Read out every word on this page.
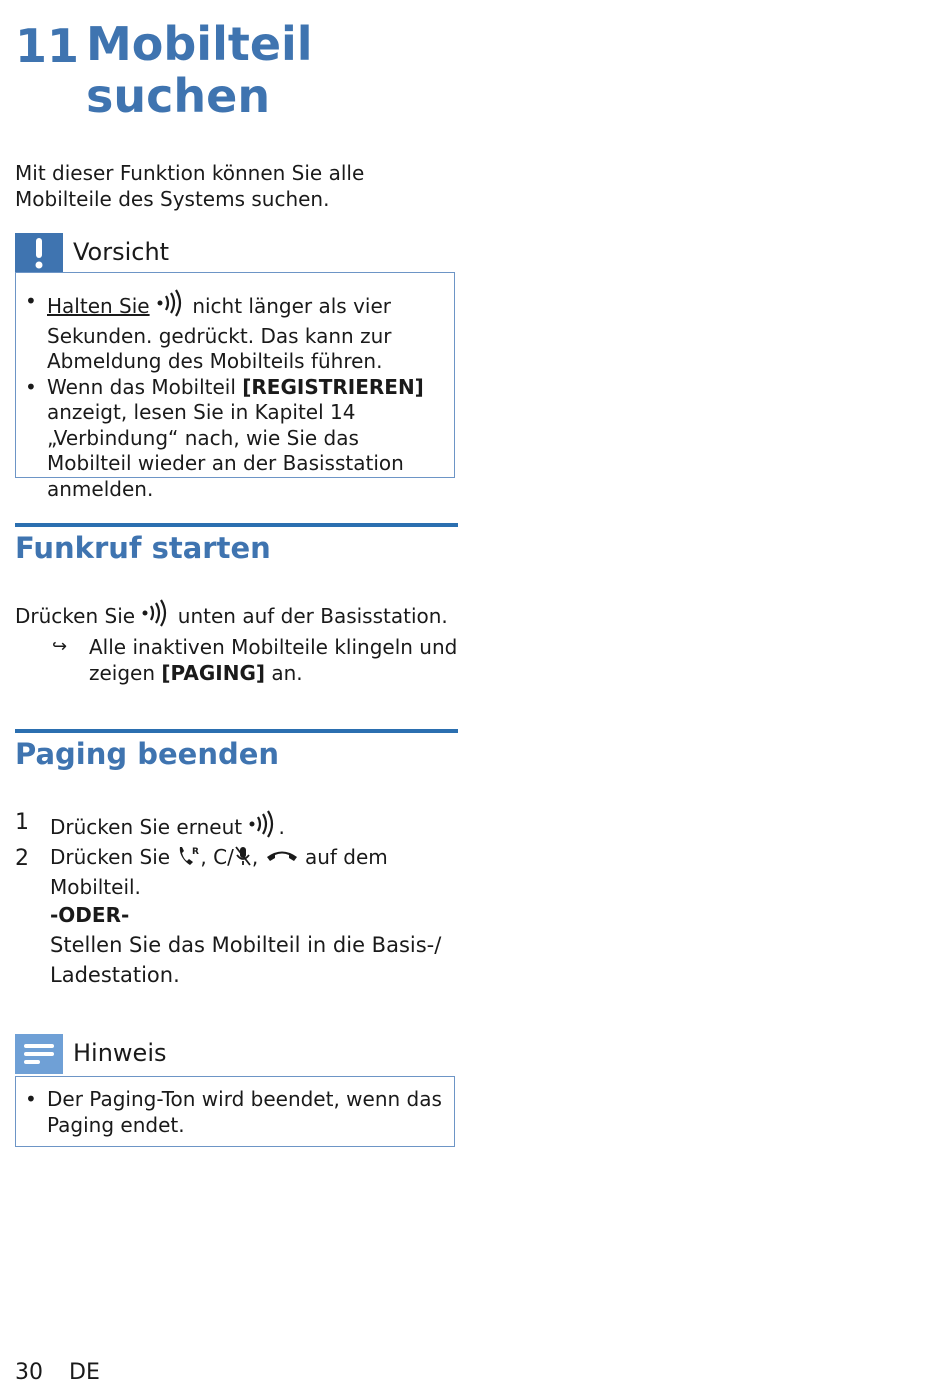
11 Mobilteil suchen
Mit dieser Funktion können Sie alle Mobilteile des Systems suchen.
Vorsicht
• Halten Sie nicht länger als vier Sekunden. gedrückt. Das kann zur Abmeldung des Mobilteils führen.
• Wenn das Mobilteil [REGISTRIEREN] anzeigt, lesen Sie in Kapitel 14 „Verbindung“ nach, wie Sie das Mobilteil wieder an der Basisstation anmelden.
Funkruf starten
Drücken Sie unten auf der Basisstation.
↪ Alle inaktiven Mobilteile klingeln und zeigen [PAGING] an.
Paging beenden
1 Drücken Sie erneut .
2 Drücken Sie R , C/ ,  auf dem Mobilteil.
-ODER-
Stellen Sie das Mobilteil in die Basis-/ Ladestation.
Hinweis
• Der Paging-Ton wird beendet, wenn das Paging endet.
30 DE
